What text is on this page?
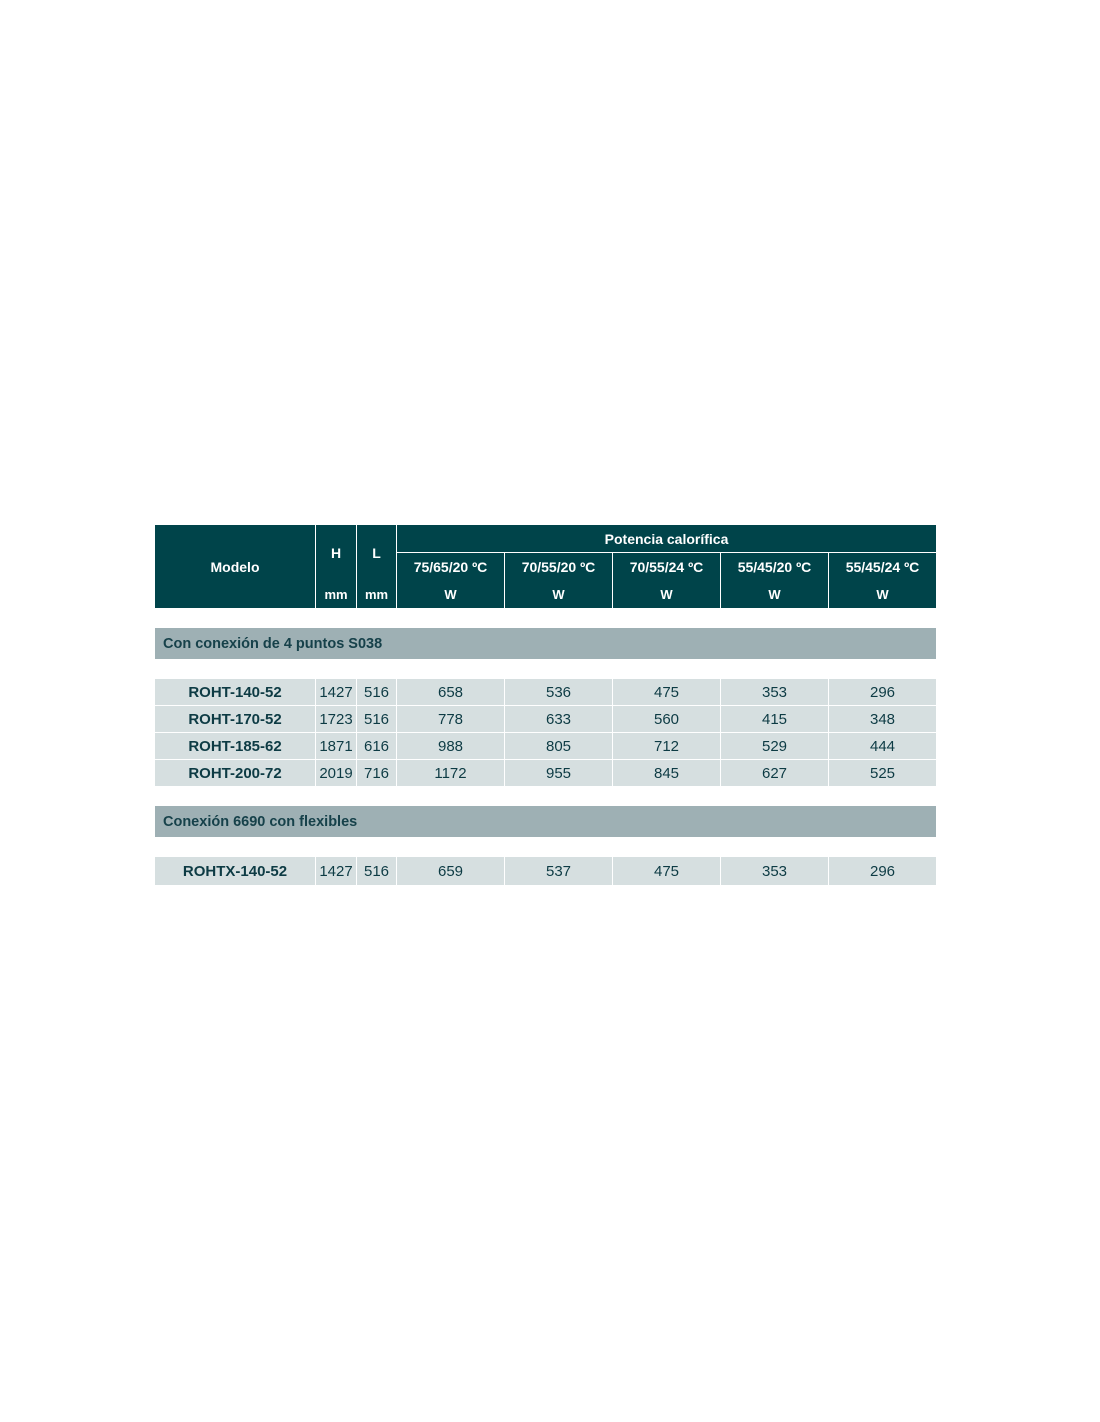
Modelo
H	L
Potencia calorífica
75/65/20 ºC	70/55/20 ºC	70/55/24 ºC	55/45/20 ºC	55/45/24 ºC
mm	mm	W	W	W	W	W
Con conexión de 4 puntos S038
ROHT-140-52	1427 516	658	536	475	353	296
ROHT-170-52	1723 516	778	633	560	415	348
ROHT-185-62	1871 616	988	805	712	529	444
ROHT-200-72	2019 716	1172	955	845	627	525
Conexión 6690 con flexibles
ROHTX-140-52	1427 516	659	537	475	353	296
